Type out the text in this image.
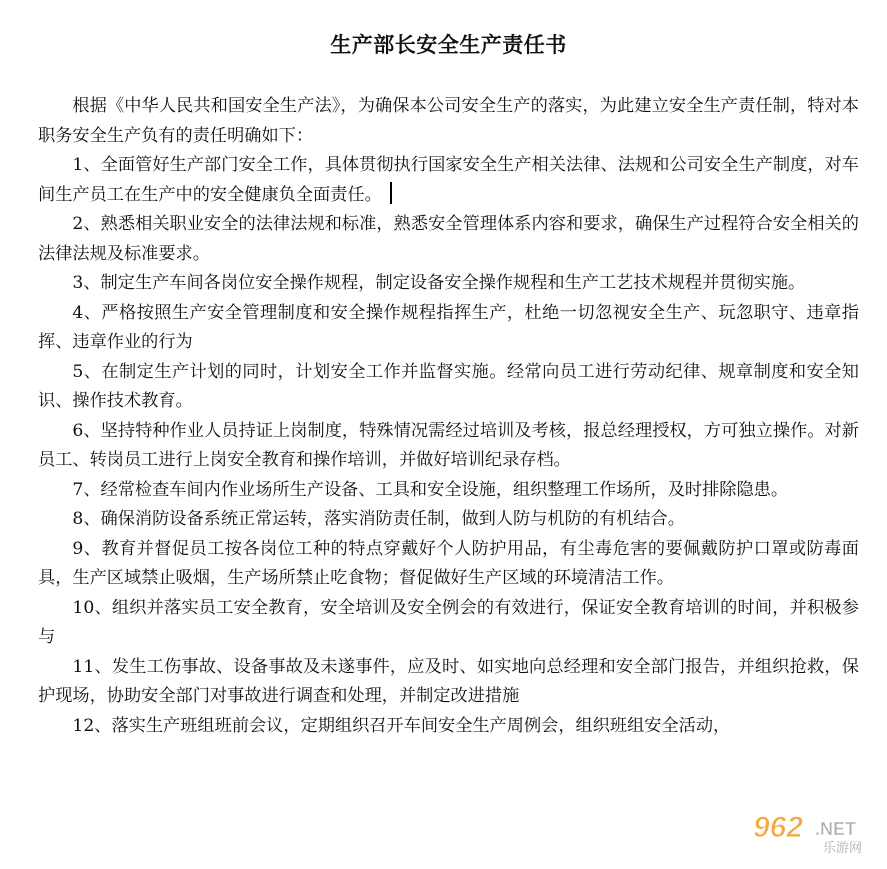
生产部长安全生产责任书

根据《中华人民共和国安全生产法》，为确保本公司安全生产的落实，为此建立安全生产责任制，特对本职务安全生产负有的责任明确如下：

1、全面管好生产部门安全工作，具体贯彻执行国家安全生产相关法律、法规和公司安全生产制度，对车间生产员工在生产中的安全健康负全面责任。

2、熟悉相关职业安全的法律法规和标准，熟悉安全管理体系内容和要求，确保生产过程符合安全相关的法律法规及标准要求。

3、制定生产车间各岗位安全操作规程，制定设备安全操作规程和生产工艺技术规程并贯彻实施。

4、严格按照生产安全管理制度和安全操作规程指挥生产，杜绝一切忽视安全生产、玩忽职守、违章指挥、违章作业的行为

5、在制定生产计划的同时，计划安全工作并监督实施。经常向员工进行劳动纪律、规章制度和安全知识、操作技术教育。

6、坚持特种作业人员持证上岗制度，特殊情况需经过培训及考核，报总经理授权，方可独立操作。对新员工、转岗员工进行上岗安全教育和操作培训，并做好培训纪录存档。

7、经常检查车间内作业场所生产设备、工具和安全设施，组织整理工作场所，及时排除隐患。

8、确保消防设备系统正常运转，落实消防责任制，做到人防与机防的有机结合。

9、教育并督促员工按各岗位工种的特点穿戴好个人防护用品，有尘毒危害的要佩戴防护口罩或防毒面具，生产区域禁止吸烟，生产场所禁止吃食物；督促做好生产区域的环境清洁工作。

10、组织并落实员工安全教育，安全培训及安全例会的有效进行，保证安全教育培训的时间，并积极参与

11、发生工伤事故、设备事故及未遂事件，应及时、如实地向总经理和安全部门报告，并组织抢救，保护现场，协助安全部门对事故进行调查和处理，并制定改进措施

12、落实生产班组班前会议，定期组织召开车间安全生产周例会，组织班组安全活动，

962 .NET
乐游网
